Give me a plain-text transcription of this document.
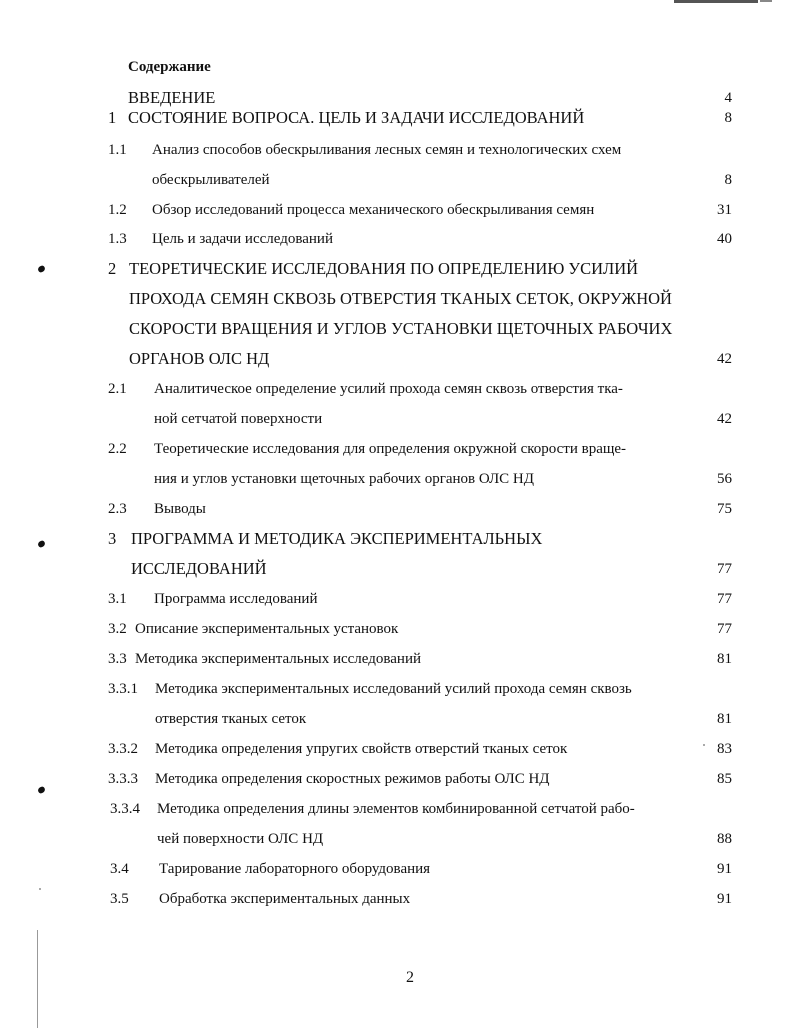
Содержание
ВВЕДЕНИЕ	4
1 СОСТОЯНИЕ ВОПРОСА. ЦЕЛЬ И ЗАДАЧИ ИССЛЕДОВАНИЙ	8
1.1 Анализ способов обескрыливания лесных семян и технологических схем
обескрыливателей	8
1.2 Обзор исследований процесса механического обескрыливания семян	31
1.3 Цель и задачи исследований	40
2 ТЕОРЕТИЧЕСКИЕ ИССЛЕДОВАНИЯ ПО ОПРЕДЕЛЕНИЮ УСИЛИЙ
ПРОХОДА СЕМЯН СКВОЗЬ ОТВЕРСТИЯ ТКАНЫХ СЕТОК, ОКРУЖНОЙ
СКОРОСТИ ВРАЩЕНИЯ И УГЛОВ УСТАНОВКИ ЩЕТОЧНЫХ РАБОЧИХ
ОРГАНОВ ОЛС НД	42
2.1 Аналитическое определение усилий прохода семян сквозь отверстия тка-
ной сетчатой поверхности	42
2.2 Теоретические исследования для определения окружной скорости враще-
ния и углов установки щеточных рабочих органов ОЛС НД	56
2.3 Выводы	75
3 ПРОГРАММА И МЕТОДИКА ЭКСПЕРИМЕНТАЛЬНЫХ
ИССЛЕДОВАНИЙ	77
3.1 Программа исследований	77
3.2 Описание экспериментальных установок	77
3.3 Методика экспериментальных исследований	81
3.3.1 Методика экспериментальных исследований усилий прохода семян сквозь
отверстия тканых сеток	81
3.3.2 Методика определения упругих свойств отверстий тканых сеток	83
3.3.3 Методика определения скоростных режимов работы ОЛС НД	85
3.3.4 Методика определения длины элементов комбинированной сетчатой рабо-
чей поверхности ОЛС НД	88
3.4 Тарирование лабораторного оборудования	91
3.5 Обработка экспериментальных данных	91
2
